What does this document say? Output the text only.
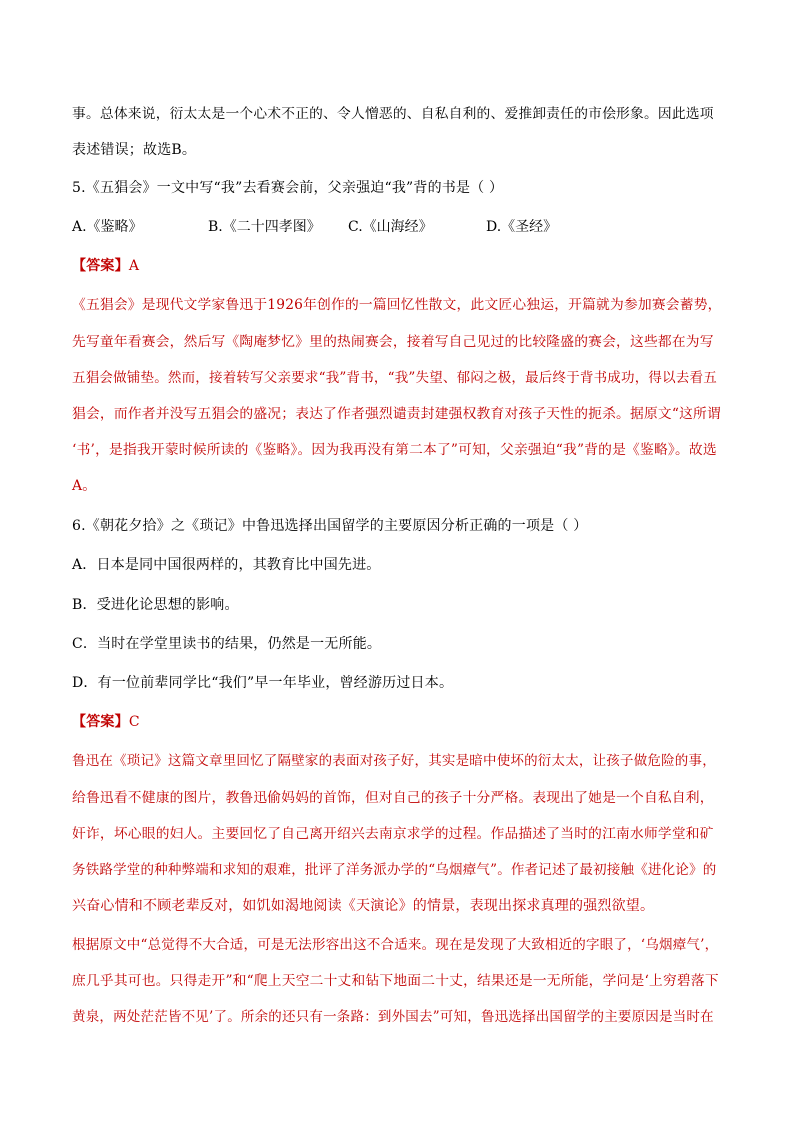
事。总体来说，衍太太是一个心术不正的、令人憎恶的、自私自利的、爱推卸责任的市侩形象。因此选项
表述错误；故选B。
5.《五猖会》一文中写“我”去看赛会前，父亲强迫“我”背的书是（ ）
A.《鉴略》	B.《二十四孝图》 C.《山海经》	D.《圣经》
【答案】A
《五猖会》是现代文学家鲁迅于1926年创作的一篇回忆性散文，此文匠心独运，开篇就为参加赛会蓄势，
先写童年看赛会，然后写《陶庵梦忆》里的热闹赛会，接着写自己见过的比较隆盛的赛会，这些都在为写
五猖会做铺垫。然而，接着转写父亲要求“我”背书，“我”失望、郁闷之极，最后终于背书成功，得以去看五
猖会，而作者并没写五猖会的盛况；表达了作者强烈谴责封建强权教育对孩子天性的扼杀。据原文“这所谓
‘书’，是指我开蒙时候所读的《鉴略》。因为我再没有第二本了”可知，父亲强迫“我”背的是《鉴略》。故选
A。
6.《朝花夕拾》之《琐记》中鲁迅选择出国留学的主要原因分析正确的一项是（ ）
A．日本是同中国很两样的，其教育比中国先进。
B．受进化论思想的影响。
C．当时在学堂里读书的结果，仍然是一无所能。
D．有一位前辈同学比“我们”早一年毕业，曾经游历过日本。
【答案】C
鲁迅在《琐记》这篇文章里回忆了隔壁家的表面对孩子好，其实是暗中使坏的衍太太，让孩子做危险的事，
给鲁迅看不健康的图片，教鲁迅偷妈妈的首饰，但对自己的孩子十分严格。表现出了她是一个自私自利，
奸诈，坏心眼的妇人。主要回忆了自己离开绍兴去南京求学的过程。作品描述了当时的江南水师学堂和矿
务铁路学堂的种种弊端和求知的艰难，批评了洋务派办学的“乌烟瘴气”。作者记述了最初接触《进化论》的
兴奋心情和不顾老辈反对，如饥如渴地阅读《天演论》的情景，表现出探求真理的强烈欲望。
根据原文中“总觉得不大合适，可是无法形容出这不合适来。现在是发现了大致相近的字眼了，‘乌烟瘴气’，
庶几乎其可也。只得走开”和“爬上天空二十丈和钻下地面二十丈，结果还是一无所能，学问是‘上穷碧落下
黄泉，两处茫茫皆不见’了。所余的还只有一条路：到外国去”可知，鲁迅选择出国留学的主要原因是当时在
